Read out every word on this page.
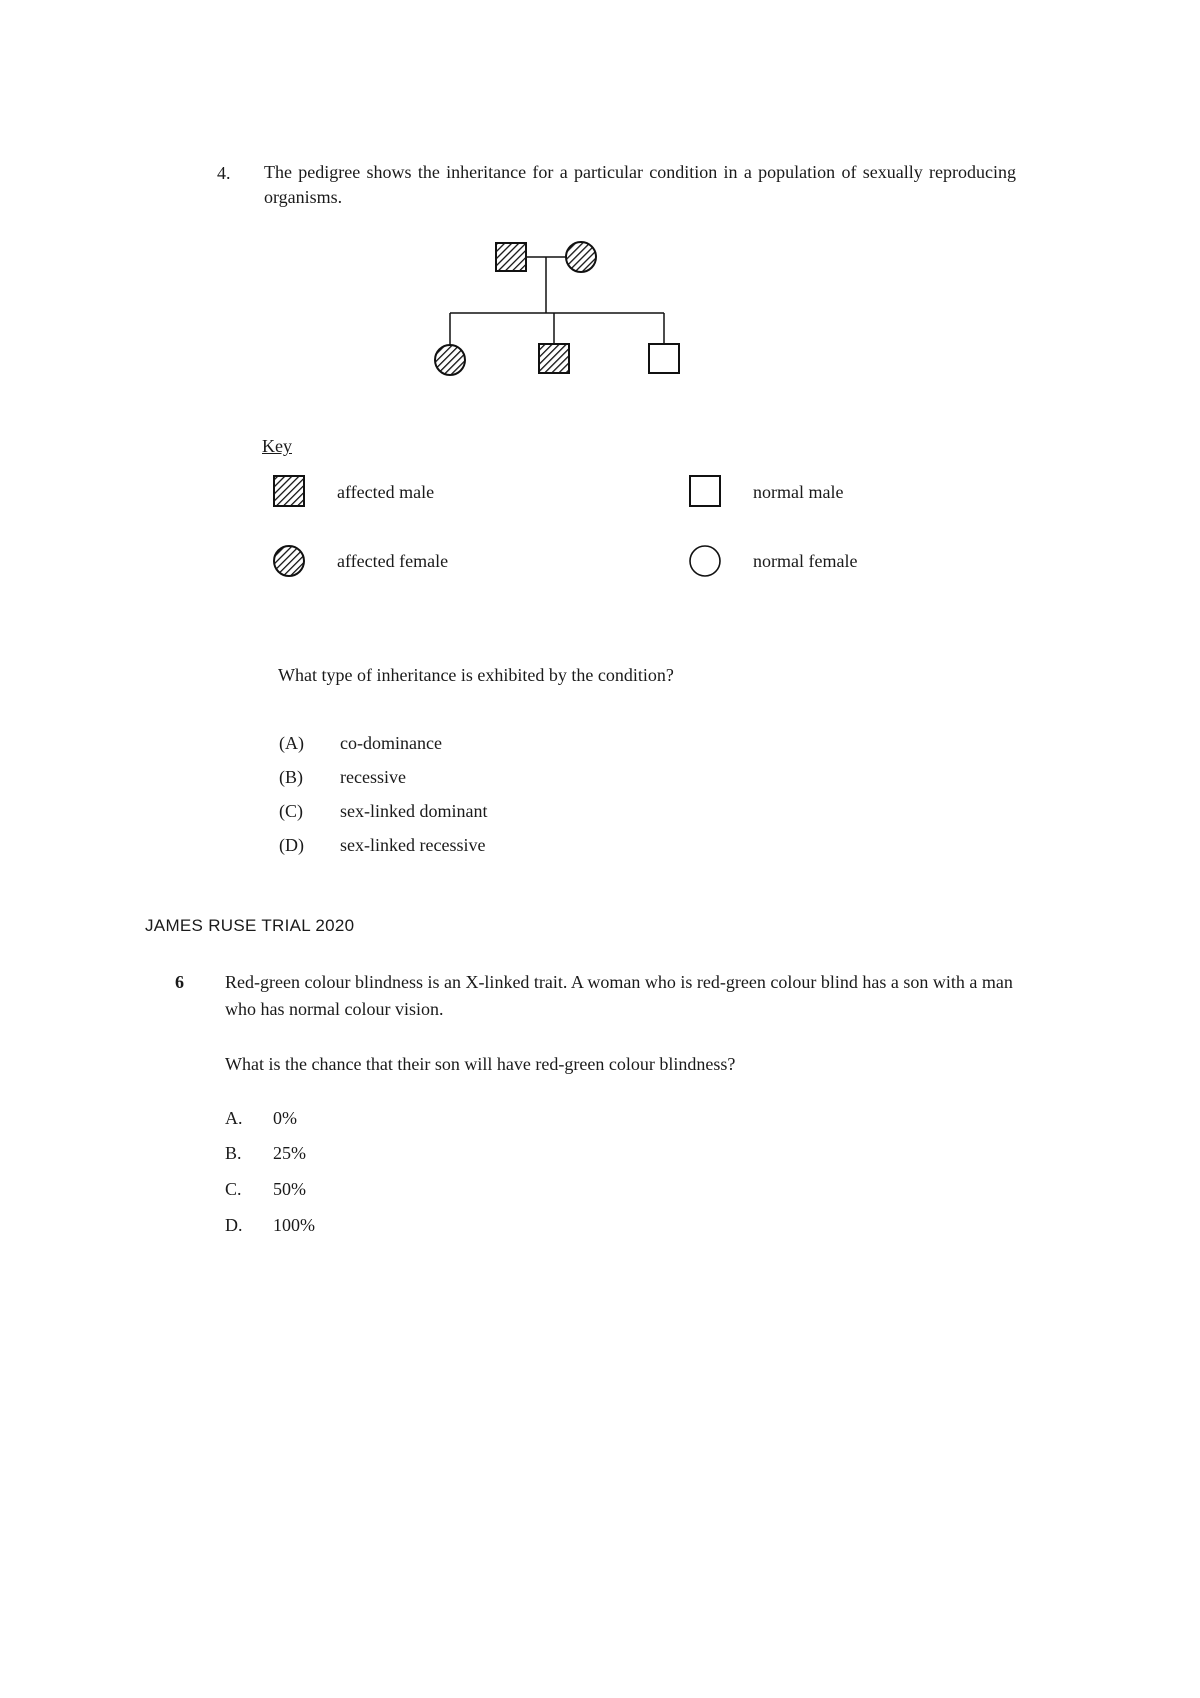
4. The pedigree shows the inheritance for a particular condition in a population of sexually reproducing organisms.
Key
affected male	normal male
affected female	normal female
What type of inheritance is exhibited by the condition?
(A) co-dominance
(B) recessive
(C) sex-linked dominant
(D) sex-linked recessive
JAMES RUSE TRIAL 2020
6 Red-green colour blindness is an X-linked trait. A woman who is red-green colour blind has a son with a man who has normal colour vision.
What is the chance that their son will have red-green colour blindness?
A. 0%
B. 25%
C. 50%
D. 100%
